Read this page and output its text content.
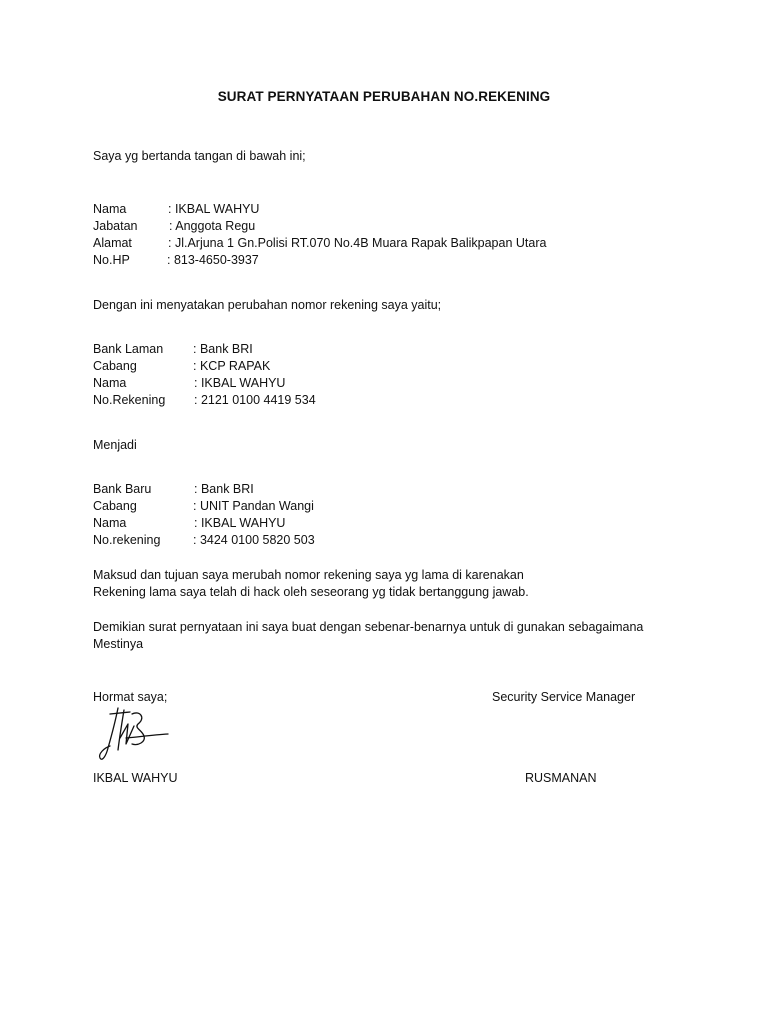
SURAT PERNYATAAN PERUBAHAN NO.REKENING
Saya yg bertanda tangan di bawah ini;
Nama	: IKBAL WAHYU
Jabatan	: Anggota Regu
Alamat	: Jl.Arjuna 1 Gn.Polisi RT.070 No.4B Muara Rapak Balikpapan Utara
No.HP	: 813-4650-3937
Dengan ini menyatakan perubahan nomor rekening saya yaitu;
Bank Laman	: Bank BRI
Cabang	: KCP RAPAK
Nama	: IKBAL WAHYU
No.Rekening	: 2121 0100 4419 534
Menjadi
Bank Baru	: Bank BRI
Cabang	: UNIT Pandan Wangi
Nama	: IKBAL WAHYU
No.rekening	: 3424 0100 5820 503
Maksud dan tujuan saya merubah nomor rekening saya yg lama di karenakan
Rekening lama saya telah di hack oleh seseorang yg tidak bertanggung jawab.
Demikian surat pernyataan ini saya buat dengan sebenar-benarnya untuk di gunakan sebagaimana
Mestinya
Hormat saya;	Security Service Manager
IKBAL WAHYU	RUSMANAN
